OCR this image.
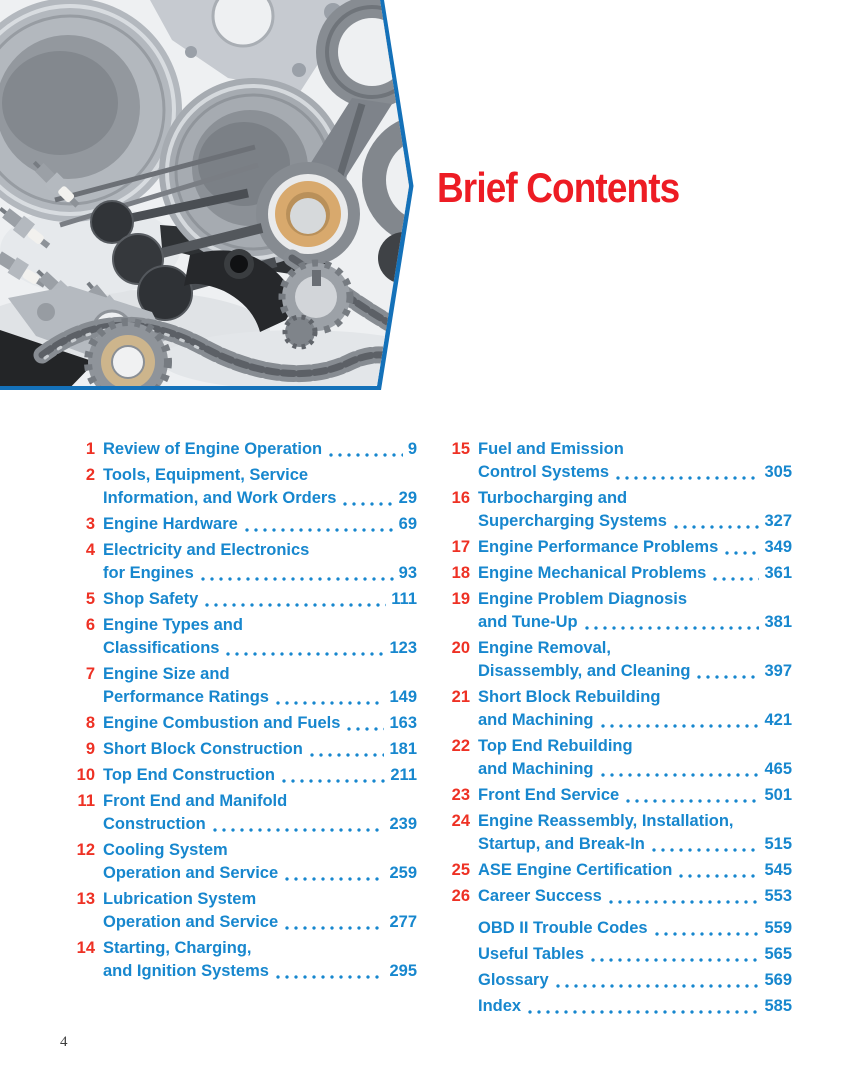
Brief Contents
1 Review of Engine Operation	9
2 Tools, Equipment, Service
Information, and Work Orders	29
3 Engine Hardware	69
4 Electricity and Electronics
for Engines	93
5 Shop Safety	111
6 Engine Types and
Classifications	123
7 Engine Size and
Performance Ratings	149
8 Engine Combustion and Fuels	163
9 Short Block Construction	181
10 Top End Construction	211
11 Front End and Manifold
Construction	239
12 Cooling System
Operation and Service	259
13 Lubrication System
Operation and Service	277
14 Starting, Charging,
and Ignition Systems	295
15 Fuel and Emission
Control Systems	305
16 Turbocharging and
Supercharging Systems	327
17 Engine Performance Problems	349
18 Engine Mechanical Problems	361
19 Engine Problem Diagnosis
and Tune-Up	381
20 Engine Removal,
Disassembly, and Cleaning	397
21 Short Block Rebuilding
and Machining	421
22 Top End Rebuilding
and Machining	465
23 Front End Service	501
24 Engine Reassembly, Installation,
Startup, and Break-In	515
25 ASE Engine Certification	545
26 Career Success	553
OBD II Trouble Codes	559
Useful Tables	565
Glossary	569
Index	585
4
